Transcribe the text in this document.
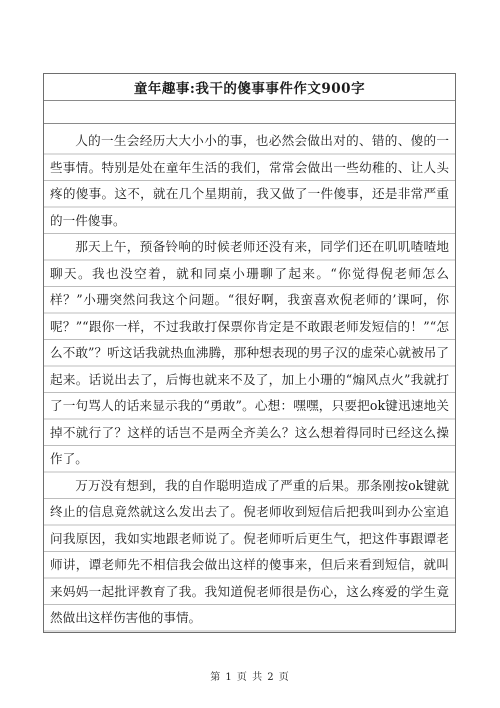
童年趣事:我干的傻事事件作文900字

人的一生会经历大大小小的事，也必然会做出对的、错的、傻的一些事情。特别是处在童年生活的我们，常常会做出一些幼稚的、让人头疼的傻事。这不，就在几个星期前，我又做了一件傻事，还是非常严重的一件傻事。

那天上午，预备铃响的时候老师还没有来，同学们还在叽叽喳喳地聊天。我也没空着，就和同桌小珊聊了起来。“你觉得倪老师怎么样？”小珊突然问我这个问题。“很好啊，我蛮喜欢倪老师的’课呵，你呢？”“跟你一样，不过我敢打保票你肯定是不敢跟老师发短信的！”“怎么不敢”？听这话我就热血沸腾，那种想表现的男子汉的虚荣心就被吊了起来。话说出去了，后悔也就来不及了，加上小珊的“煽风点火”我就打了一句骂人的话来显示我的“勇敢”。心想：嘿嘿，只要把ok键迅速地关掉不就行了？这样的话岂不是两全齐美么？这么想着得同时已经这么操作了。

万万没有想到，我的自作聪明造成了严重的后果。那条刚按ok键就终止的信息竟然就这么发出去了。倪老师收到短信后把我叫到办公室追问我原因，我如实地跟老师说了。倪老师听后更生气，把这件事跟谭老师讲，谭老师先不相信我会做出这样的傻事来，但后来看到短信，就叫来妈妈一起批评教育了我。我知道倪老师很是伤心，这么疼爱的学生竟然做出这样伤害他的事情。

第 1 页 共 2 页
